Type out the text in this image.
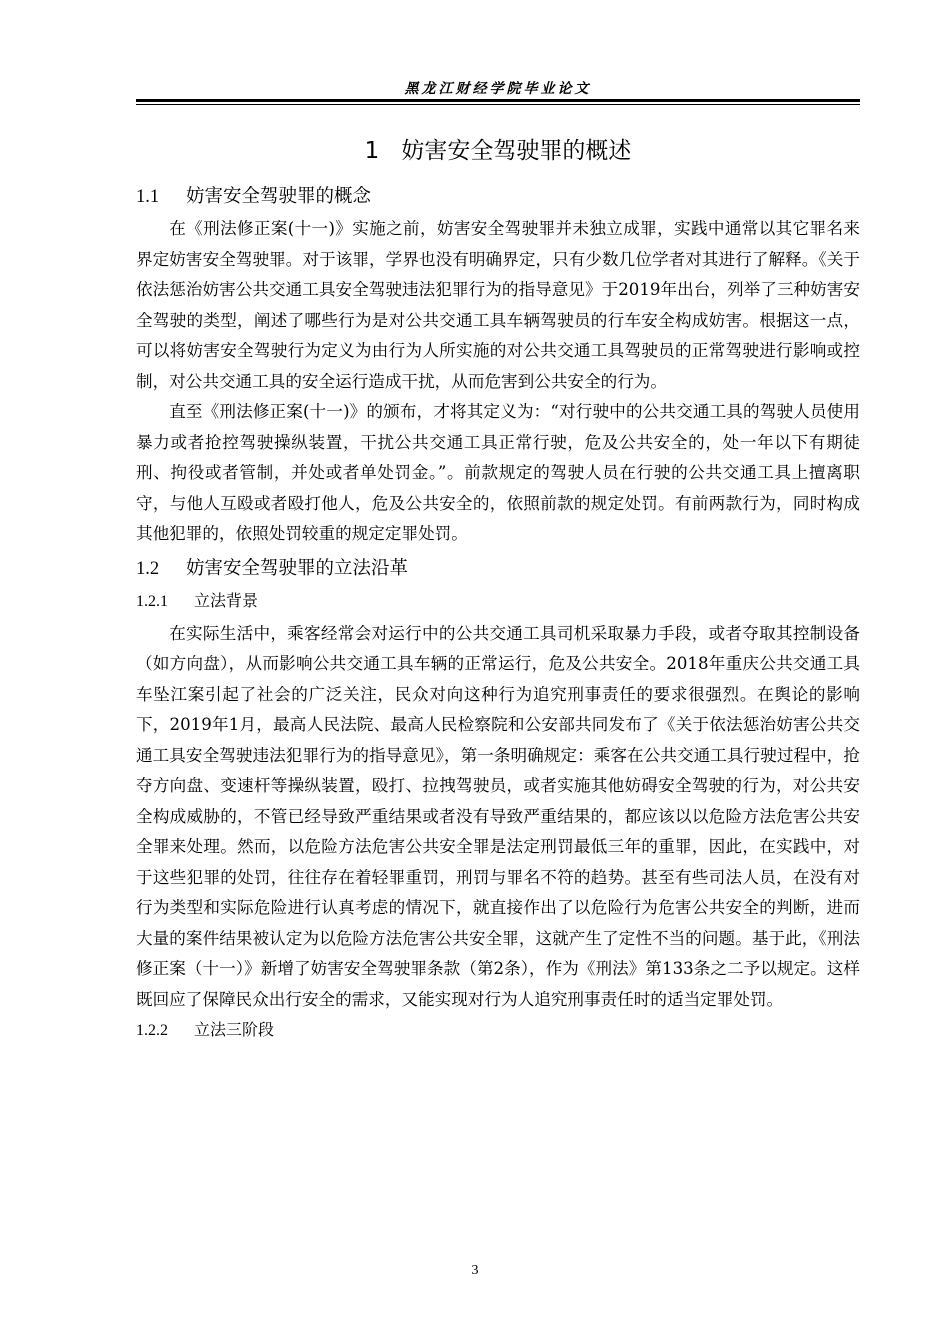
黑龙江财经学院毕业论文
1 妨害安全驾驶罪的概述
1.1 妨害安全驾驶罪的概念

在《刑法修正案(十一)》实施之前，妨害安全驾驶罪并未独立成罪，实践中通常以其它罪名来界定妨害安全驾驶罪。对于该罪，学界也没有明确界定，只有少数几位学者对其进行了解释。《关于依法惩治妨害公共交通工具安全驾驶违法犯罪行为的指导意见》于2019年出台，列举了三种妨害安全驾驶的类型，阐述了哪些行为是对公共交通工具车辆驾驶员的行车安全构成妨害。根据这一点，可以将妨害安全驾驶行为定义为由行为人所实施的对公共交通工具驾驶员的正常驾驶进行影响或控制，对公共交通工具的安全运行造成干扰，从而危害到公共安全的行为。

直至《刑法修正案(十一)》的颁布，才将其定义为：“对行驶中的公共交通工具的驾驶人员使用暴力或者抢控驾驶操纵装置，干扰公共交通工具正常行驶，危及公共安全的，处一年以下有期徒刑、拘役或者管制，并处或者单处罚金。”。前款规定的驾驶人员在行驶的公共交通工具上擅离职守，与他人互殴或者殴打他人，危及公共安全的，依照前款的规定处罚。有前两款行为，同时构成其他犯罪的，依照处罚较重的规定定罪处罚。

1.2 妨害安全驾驶罪的立法沿革
1.2.1 立法背景

在实际生活中，乘客经常会对运行中的公共交通工具司机采取暴力手段，或者夺取其控制设备（如方向盘），从而影响公共交通工具车辆的正常运行，危及公共安全。2018年重庆公共交通工具车坠江案引起了社会的广泛关注，民众对向这种行为追究刑事责任的要求很强烈。在舆论的影响下，2019年1月，最高人民法院、最高人民检察院和公安部共同发布了《关于依法惩治妨害公共交通工具安全驾驶违法犯罪行为的指导意见》，第一条明确规定：乘客在公共交通工具行驶过程中，抢夺方向盘、变速杆等操纵装置，殴打、拉拽驾驶员，或者实施其他妨碍安全驾驶的行为，对公共安全构成威胁的，不管已经导致严重结果或者没有导致严重结果的，都应该以以危险方法危害公共安全罪来处理。然而，以危险方法危害公共安全罪是法定刑罚最低三年的重罪，因此，在实践中，对于这些犯罪的处罚，往往存在着轻罪重罚，刑罚与罪名不符的趋势。甚至有些司法人员，在没有对行为类型和实际危险进行认真考虑的情况下，就直接作出了以危险行为危害公共安全的判断，进而大量的案件结果被认定为以危险方法危害公共安全罪，这就产生了定性不当的问题。基于此，《刑法修正案（十一）》新增了妨害安全驾驶罪条款（第2条），作为《刑法》第133条之二予以规定。这样既回应了保障民众出行安全的需求，又能实现对行为人追究刑事责任时的适当定罪处罚。

1.2.2 立法三阶段
3
